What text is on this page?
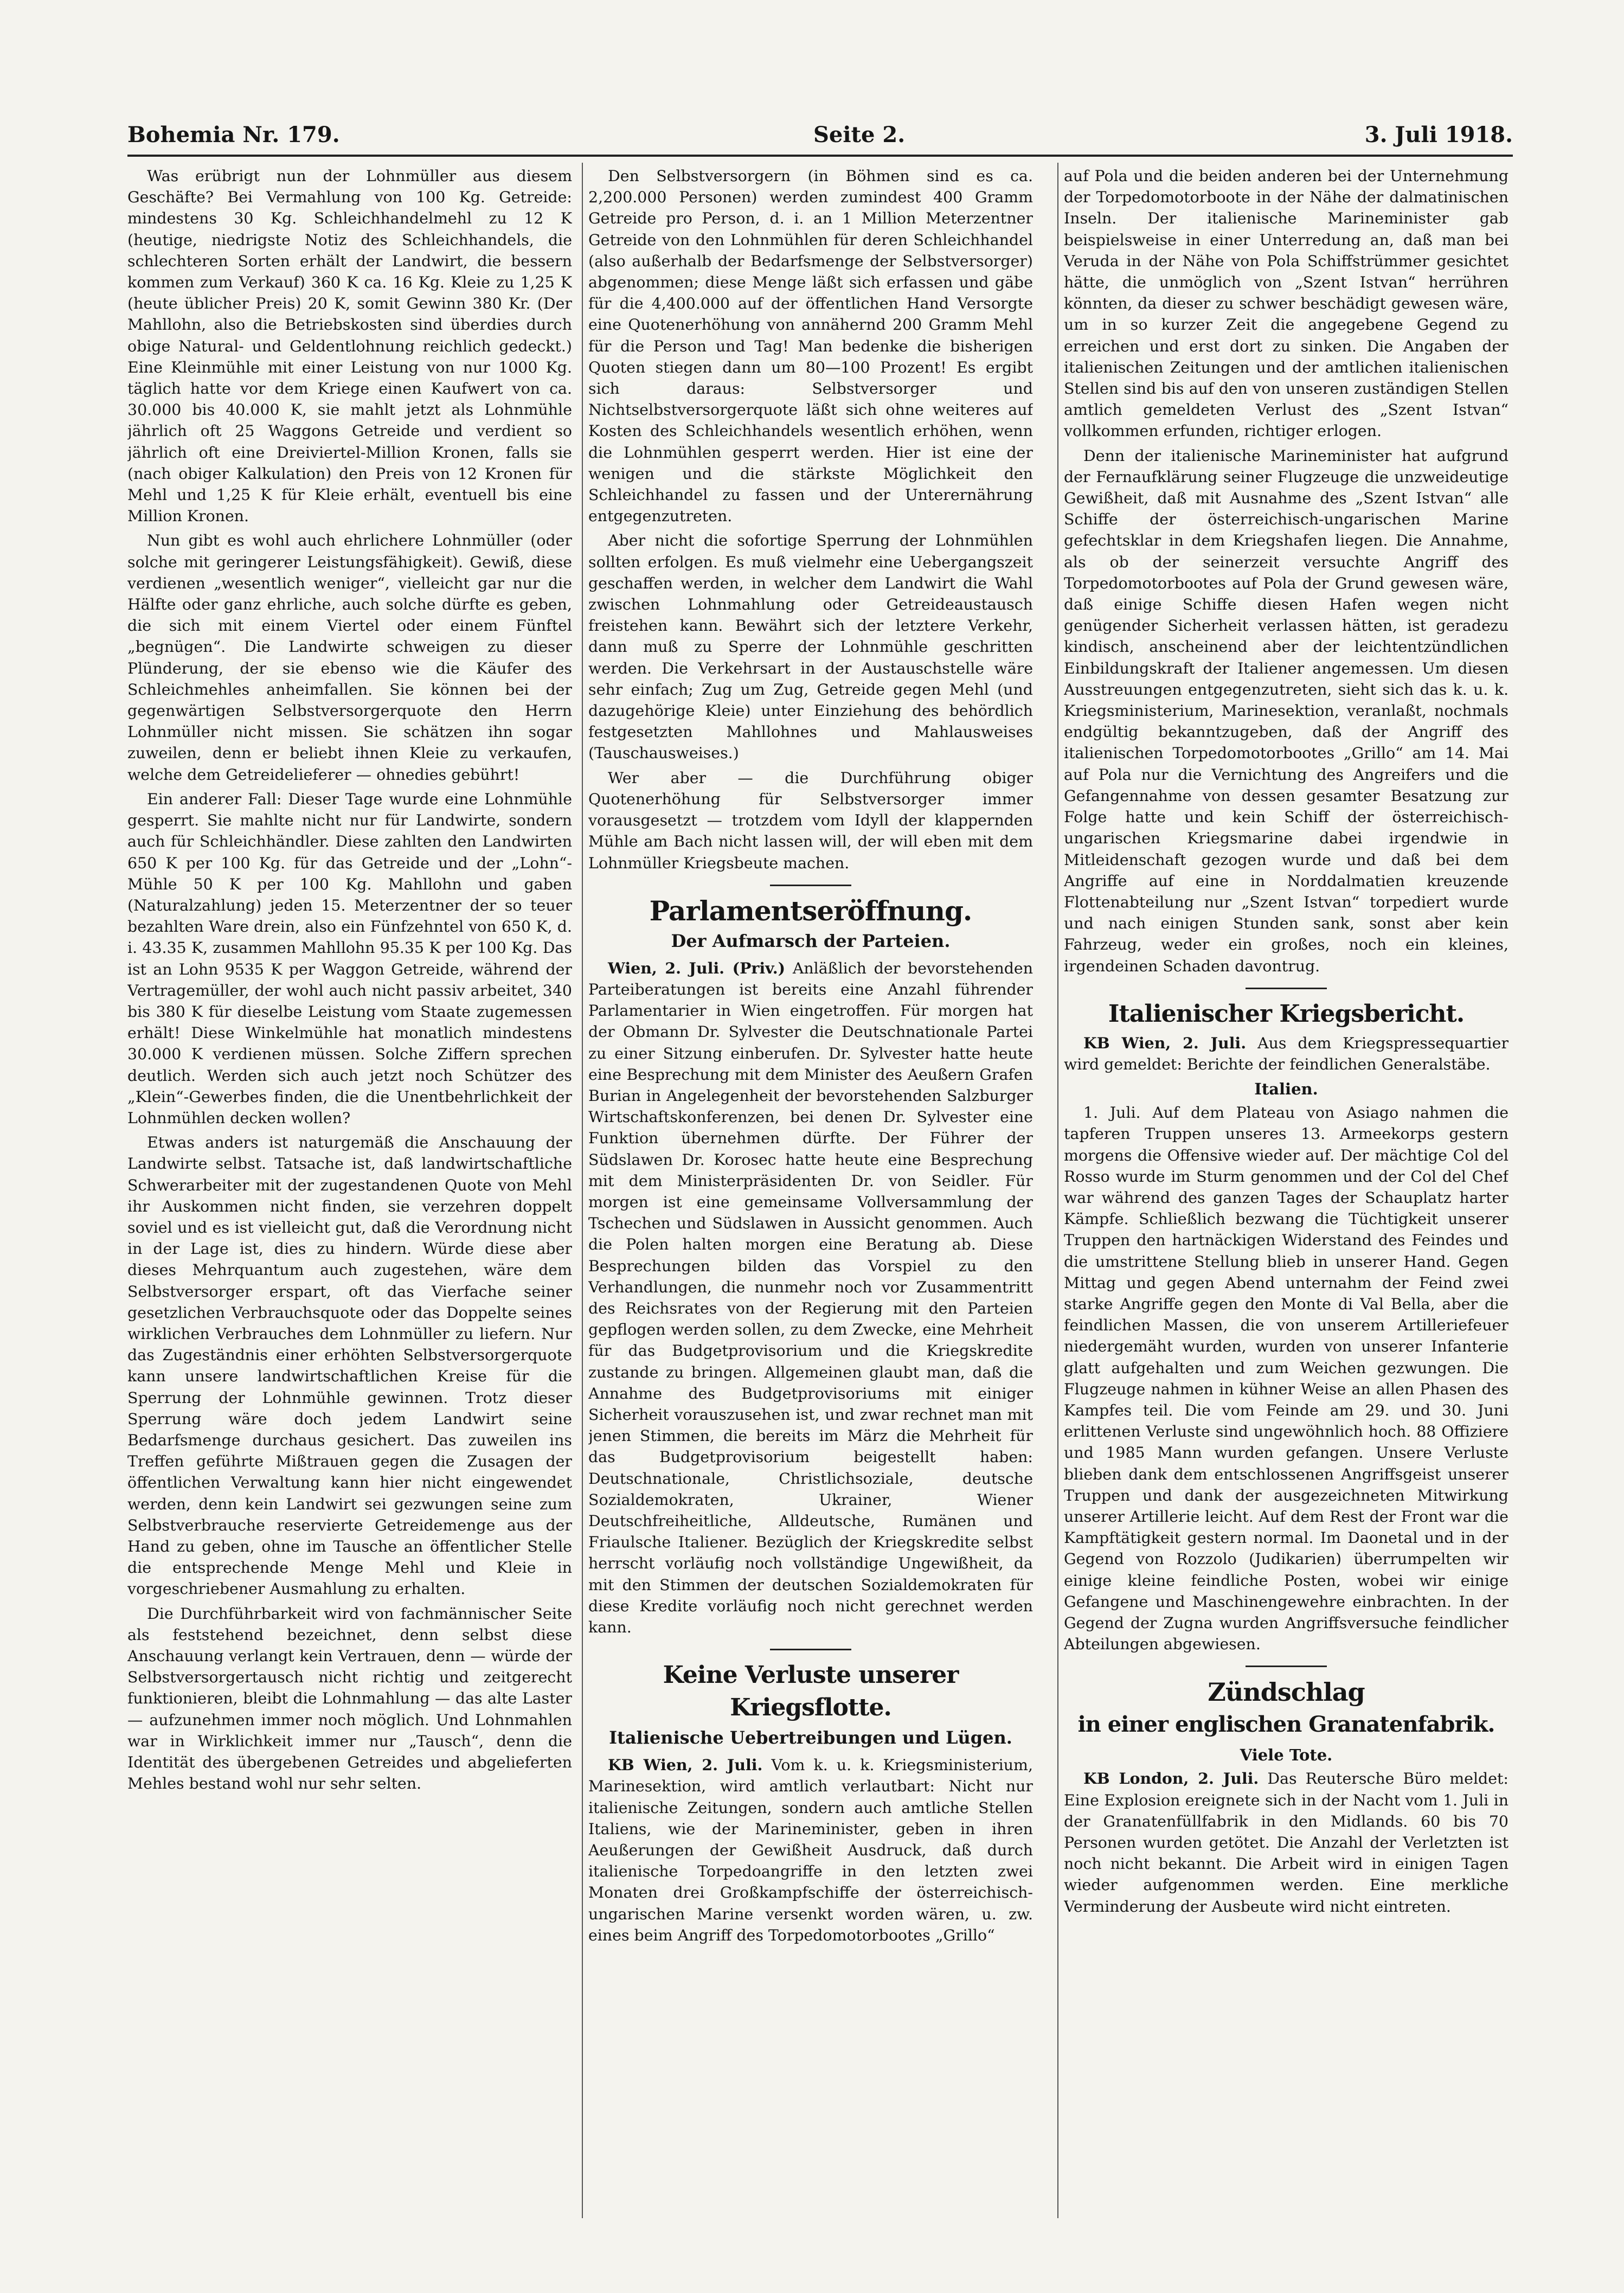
Bohemia Nr. 179.	Seite 2.	3. Juli 1918.

Was erübrigt nun der Lohnmüller aus diesem Geschäfte? Bei Vermahlung von 100 Kg. Getreide: mindestens 30 Kg. Schleichhandelmehl zu 12 K (heutige, niedrigste Notiz des Schleichhandels, die schlechteren Sorten erhält der Landwirt, die bessern kommen zum Verkauf) 360 K ca. 16 Kg. Kleie zu 1,25 K (heute üblicher Preis) 20 K, somit Gewinn 380 Kr. (Der Mahllohn, also die Betriebskosten sind überdies durch obige Natural- und Geldentlohnung reichlich gedeckt.) Eine Kleinmühle mit einer Leistung von nur 1000 Kg. täglich hatte vor dem Kriege einen Kaufwert von ca. 30.000 bis 40.000 K, sie mahlt jetzt als Lohnmühle jährlich oft 25 Waggons Getreide und verdient so jährlich oft eine Dreiviertel-Million Kronen, falls sie (nach obiger Kalkulation) den Preis von 12 Kronen für Mehl und 1,25 K für Kleie erhält, eventuell bis eine Million Kronen.

Nun gibt es wohl auch ehrlichere Lohnmüller (oder solche mit geringerer Leistungsfähigkeit). Gewiß, diese verdienen „wesentlich weniger“, vielleicht gar nur die Hälfte oder ganz ehrliche, auch solche dürfte es geben, die sich mit einem Viertel oder einem Fünftel „begnügen“. Die Landwirte schweigen zu dieser Plünderung, der sie ebenso wie die Käufer des Schleichmehles anheimfallen. Sie können bei der gegenwärtigen Selbstversorgerquote den Herrn Lohnmüller nicht missen. Sie schätzen ihn sogar zuweilen, denn er beliebt ihnen Kleie zu verkaufen, welche dem Getreidelieferer — ohnedies gebührt!

Ein anderer Fall: Dieser Tage wurde eine Lohnmühle gesperrt. Sie mahlte nicht nur für Landwirte, sondern auch für Schleichhändler. Diese zahlten den Landwirten 650 K per 100 Kg. für das Getreide und der „Lohn“-Mühle 50 K per 100 Kg. Mahllohn und gaben (Naturalzahlung) jeden 15. Meterzentner der so teuer bezahlten Ware drein, also ein Fünfzehntel von 650 K, d. i. 43.35 K, zusammen Mahllohn 95.35 K per 100 Kg. Das ist an Lohn 9535 K per Waggon Getreide, während der Vertragemüller, der wohl auch nicht passiv arbeitet, 340 bis 380 K für dieselbe Leistung vom Staate zugemessen erhält! Diese Winkelmühle hat monatlich mindestens 30.000 K verdienen müssen. Solche Ziffern sprechen deutlich. Werden sich auch jetzt noch Schützer des „Klein“-Gewerbes finden, die die Unentbehrlichkeit der Lohnmühlen decken wollen?

Etwas anders ist naturgemäß die Anschauung der Landwirte selbst. Tatsache ist, daß landwirtschaftliche Schwerarbeiter mit der zugestandenen Quote von Mehl ihr Auskommen nicht finden, sie verzehren doppelt soviel und es ist vielleicht gut, daß die Verordnung nicht in der Lage ist, dies zu hindern. Würde diese aber dieses Mehrquantum auch zugestehen, wäre dem Selbstversorger erspart, oft das Vierfache seiner gesetzlichen Verbrauchsquote oder das Doppelte seines wirklichen Verbrauches dem Lohnmüller zu liefern. Nur das Zugeständnis einer erhöhten Selbstversorgerquote kann unsere landwirtschaftlichen Kreise für die Sperrung der Lohnmühle gewinnen. Trotz dieser Sperrung wäre doch jedem Landwirt seine Bedarfsmenge durchaus gesichert. Das zuweilen ins Treffen geführte Mißtrauen gegen die Zusagen der öffentlichen Verwaltung kann hier nicht eingewendet werden, denn kein Landwirt sei gezwungen seine zum Selbstverbrauche reservierte Getreidemenge aus der Hand zu geben, ohne im Tausche an öffentlicher Stelle die entsprechende Menge Mehl und Kleie in vorgeschriebener Ausmahlung zu erhalten.

Die Durchführbarkeit wird von fachmännischer Seite als feststehend bezeichnet, denn selbst diese Anschauung verlangt kein Vertrauen, denn — würde der Selbstversorgertausch nicht richtig und zeitgerecht funktionieren, bleibt die Lohnmahlung — das alte Laster — aufzunehmen immer noch möglich. Und Lohnmahlen war in Wirklichkeit immer nur „Tausch“, denn die Identität des übergebenen Getreides und abgelieferten Mehles bestand wohl nur sehr selten.

Den Selbstversorgern (in Böhmen sind es ca. 2,200.000 Personen) werden zumindest 400 Gramm Getreide pro Person, d. i. an 1 Million Meterzentner Getreide von den Lohnmühlen für deren Schleichhandel (also außerhalb der Bedarfsmenge der Selbstversorger) abgenommen; diese Menge läßt sich erfassen und gäbe für die 4,400.000 auf der öffentlichen Hand Versorgte eine Quotenerhöhung von annähernd 200 Gramm Mehl für die Person und Tag! Man bedenke die bisherigen Quoten stiegen dann um 80—100 Prozent! Es ergibt sich daraus: Selbstversorger und Nichtselbstversorgerquote läßt sich ohne weiteres auf Kosten des Schleichhandels wesentlich erhöhen, wenn die Lohnmühlen gesperrt werden. Hier ist eine der wenigen und die stärkste Möglichkeit den Schleichhandel zu fassen und der Unterernährung entgegenzutreten.

Aber nicht die sofortige Sperrung der Lohnmühlen sollten erfolgen. Es muß vielmehr eine Uebergangszeit geschaffen werden, in welcher dem Landwirt die Wahl zwischen Lohnmahlung oder Getreideaustausch freistehen kann. Bewährt sich der letztere Verkehr, dann muß zu Sperre der Lohnmühle geschritten werden. Die Verkehrsart in der Austauschstelle wäre sehr einfach; Zug um Zug, Getreide gegen Mehl (und dazugehörige Kleie) unter Einziehung des behördlich festgesetzten Mahllohnes und Mahlausweises (Tauschausweises.)

Wer aber — die Durchführung obiger Quotenerhöhung für Selbstversorger immer vorausgesetzt — trotzdem vom Idyll der klappernden Mühle am Bach nicht lassen will, der will eben mit dem Lohnmüller Kriegsbeute machen.

Parlamentseröffnung.
Der Aufmarsch der Parteien.

Wien, 2. Juli. (Priv.) Anläßlich der bevorstehenden Parteiberatungen ist bereits eine Anzahl führender Parlamentarier in Wien eingetroffen. Für morgen hat der Obmann Dr. Sylvester die Deutschnationale Partei zu einer Sitzung einberufen. Dr. Sylvester hatte heute eine Besprechung mit dem Minister des Aeußern Grafen Burian in Angelegenheit der bevorstehenden Salzburger Wirtschaftskonferenzen, bei denen Dr. Sylvester eine Funktion übernehmen dürfte. Der Führer der Südslawen Dr. Korosec hatte heute eine Besprechung mit dem Ministerpräsidenten Dr. von Seidler. Für morgen ist eine gemeinsame Vollversammlung der Tschechen und Südslawen in Aussicht genommen. Auch die Polen halten morgen eine Beratung ab. Diese Besprechungen bilden das Vorspiel zu den Verhandlungen, die nunmehr noch vor Zusammentritt des Reichsrates von der Regierung mit den Parteien gepflogen werden sollen, zu dem Zwecke, eine Mehrheit für das Budgetprovisorium und die Kriegskredite zustande zu bringen. Allgemeinen glaubt man, daß die Annahme des Budgetprovisoriums mit einiger Sicherheit vorauszusehen ist, und zwar rechnet man mit jenen Stimmen, die bereits im März die Mehrheit für das Budgetprovisorium beigestellt haben: Deutschnationale, Christlichsoziale, deutsche Sozialdemokraten, Ukrainer, Wiener Deutschfreiheitliche, Alldeutsche, Rumänen und Friaulsche Italiener. Bezüglich der Kriegskredite selbst herrscht vorläufig noch vollständige Ungewißheit, da mit den Stimmen der deutschen Sozialdemokraten für diese Kredite vorläufig noch nicht gerechnet werden kann.

Keine Verluste unserer Kriegsflotte.
Italienische Uebertreibungen und Lügen.

KB Wien, 2. Juli. Vom k. u. k. Kriegsministerium, Marinesektion, wird amtlich verlautbart: Nicht nur italienische Zeitungen, sondern auch amtliche Stellen Italiens, wie der Marineminister, geben in ihren Aeußerungen der Gewißheit Ausdruck, daß durch italienische Torpedoangriffe in den letzten zwei Monaten drei Großkampfschiffe der österreichisch-ungarischen Marine versenkt worden wären, u. zw. eines beim Angriff des Torpedomotorbootes „Grillo“

auf Pola und die beiden anderen bei der Unternehmung der Torpedomotorboote in der Nähe der dalmatinischen Inseln. Der italienische Marineminister gab beispielsweise in einer Unterredung an, daß man bei Veruda in der Nähe von Pola Schiffstrümmer gesichtet hätte, die unmöglich von „Szent Istvan“ herrühren könnten, da dieser zu schwer beschädigt gewesen wäre, um in so kurzer Zeit die angegebene Gegend zu erreichen und erst dort zu sinken. Die Angaben der italienischen Zeitungen und der amtlichen italienischen Stellen sind bis auf den von unseren zuständigen Stellen amtlich gemeldeten Verlust des „Szent Istvan“ vollkommen erfunden, richtiger erlogen.

Denn der italienische Marineminister hat aufgrund der Fernaufklärung seiner Flugzeuge die unzweideutige Gewißheit, daß mit Ausnahme des „Szent Istvan“ alle Schiffe der österreichisch-ungarischen Marine gefechtsklar in dem Kriegshafen liegen. Die Annahme, als ob der seinerzeit versuchte Angriff des Torpedomotorbootes auf Pola der Grund gewesen wäre, daß einige Schiffe diesen Hafen wegen nicht genügender Sicherheit verlassen hätten, ist geradezu kindisch, anscheinend aber der leichtentzündlichen Einbildungskraft der Italiener angemessen. Um diesen Ausstreuungen entgegenzutreten, sieht sich das k. u. k. Kriegsministerium, Marinesektion, veranlaßt, nochmals endgültig bekanntzugeben, daß der Angriff des italienischen Torpedomotorbootes „Grillo“ am 14. Mai auf Pola nur die Vernichtung des Angreifers und die Gefangennahme von dessen gesamter Besatzung zur Folge hatte und kein Schiff der österreichisch-ungarischen Kriegsmarine dabei irgendwie in Mitleidenschaft gezogen wurde und daß bei dem Angriffe auf eine in Norddalmatien kreuzende Flottenabteilung nur „Szent Istvan“ torpediert wurde und nach einigen Stunden sank, sonst aber kein Fahrzeug, weder ein großes, noch ein kleines, irgendeinen Schaden davontrug.

Italienischer Kriegsbericht.

KB Wien, 2. Juli. Aus dem Kriegspressequartier wird gemeldet: Berichte der feindlichen Generalstäbe.

Italien.

1. Juli. Auf dem Plateau von Asiago nahmen die tapferen Truppen unseres 13. Armeekorps gestern morgens die Offensive wieder auf. Der mächtige Col del Rosso wurde im Sturm genommen und der Col del Chef war während des ganzen Tages der Schauplatz harter Kämpfe. Schließlich bezwang die Tüchtigkeit unserer Truppen den hartnäckigen Widerstand des Feindes und die umstrittene Stellung blieb in unserer Hand. Gegen Mittag und gegen Abend unternahm der Feind zwei starke Angriffe gegen den Monte di Val Bella, aber die feindlichen Massen, die von unserem Artilleriefeuer niedergemäht wurden, wurden von unserer Infanterie glatt aufgehalten und zum Weichen gezwungen. Die Flugzeuge nahmen in kühner Weise an allen Phasen des Kampfes teil. Die vom Feinde am 29. und 30. Juni erlittenen Verluste sind ungewöhnlich hoch. 88 Offiziere und 1985 Mann wurden gefangen. Unsere Verluste blieben dank dem entschlossenen Angriffsgeist unserer Truppen und dank der ausgezeichneten Mitwirkung unserer Artillerie leicht. Auf dem Rest der Front war die Kampftätigkeit gestern normal. Im Daonetal und in der Gegend von Rozzolo (Judikarien) überrumpelten wir einige kleine feindliche Posten, wobei wir einige Gefangene und Maschinengewehre einbrachten. In der Gegend der Zugna wurden Angriffsversuche feindlicher Abteilungen abgewiesen.

Zündschlag
in einer englischen Granatenfabrik.
Viele Tote.

KB London, 2. Juli. Das Reutersche Büro meldet: Eine Explosion ereignete sich in der Nacht vom 1. Juli in der Granatenfüllfabrik in den Midlands. 60 bis 70 Personen wurden getötet. Die Anzahl der Verletzten ist noch nicht bekannt. Die Arbeit wird in einigen Tagen wieder aufgenommen werden. Eine merkliche Verminderung der Ausbeute wird nicht eintreten.
